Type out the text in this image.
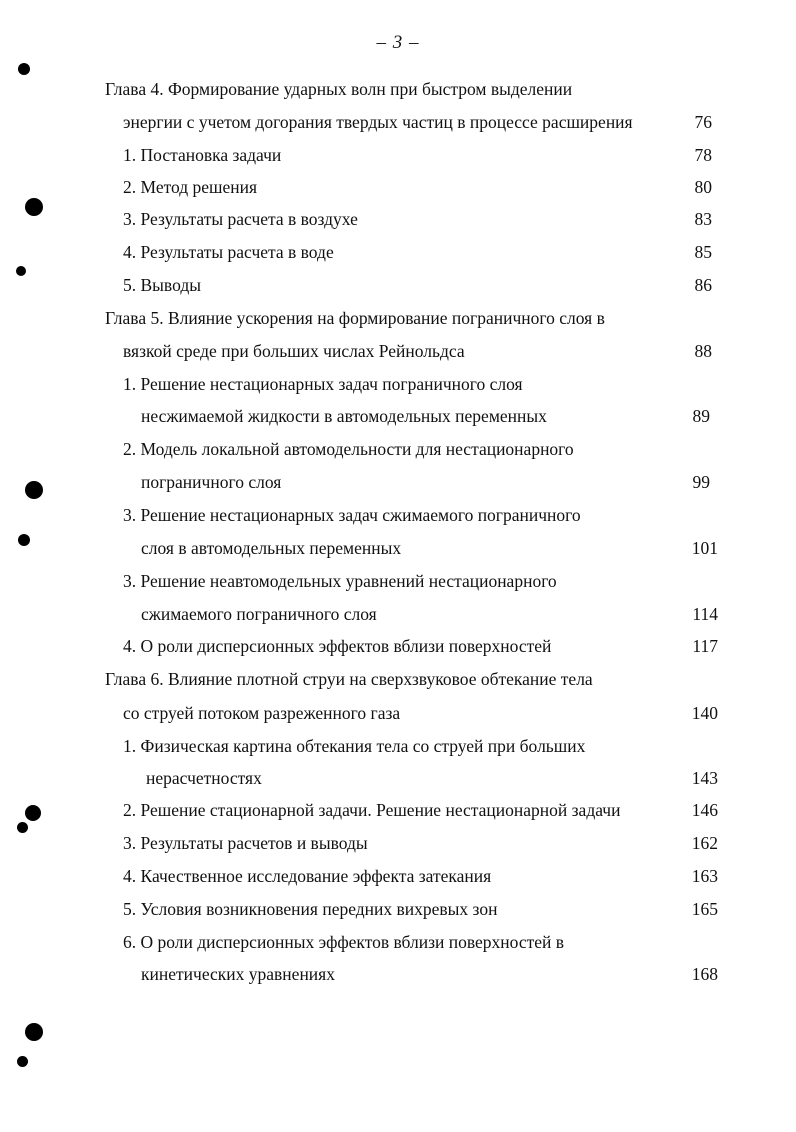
– 3 –
Глава 4. Формирование ударных волн при быстром выделении
энергии с учетом догорания твердых частиц в процессе расширения	76
1. Постановка задачи	78
2. Метод решения	80
3. Результаты расчета в воздухе	83
4. Результаты расчета в воде	85
5. Выводы	86
Глава 5. Влияние ускорения на формирование пограничного слоя в
вязкой среде при больших числах Рейнольдса	88
1. Решение нестационарных задач пограничного слоя
несжимаемой жидкости в автомодельных переменных	89
2. Модель локальной автомодельности для нестационарного
пограничного слоя	99
3. Решение нестационарных задач сжимаемого пограничного
слоя в автомодельных переменных	101
3. Решение неавтомодельных уравнений нестационарного
сжимаемого пограничного слоя	114
4. О роли дисперсионных эффектов вблизи поверхностей	117
Глава 6. Влияние плотной струи на сверхзвуковое обтекание тела
со струей потоком разреженного газа	140
1. Физическая картина обтекания тела со струей при больших
нерасчетностях	143
2. Решение стационарной задачи. Решение нестационарной задачи	146
3. Результаты расчетов и выводы	162
4. Качественное исследование эффекта затекания	163
5. Условия возникновения передних вихревых зон	165
6. О роли дисперсионных эффектов вблизи поверхностей в
кинетических уравнениях	168
